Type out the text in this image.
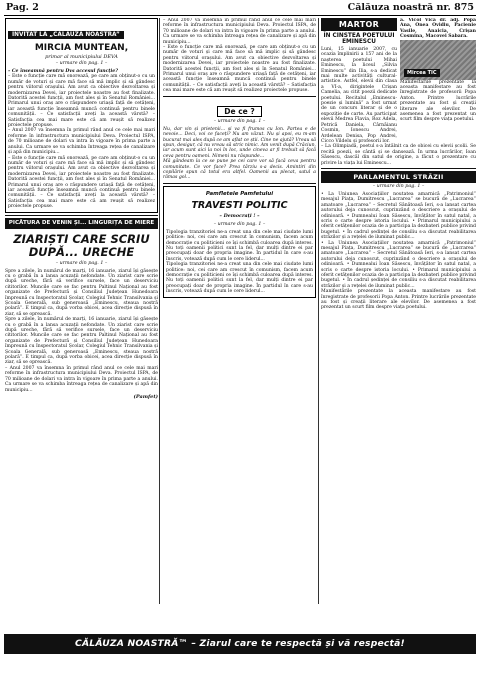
Pag. 2	Călăuza noastră nr. 875
INVITAT LA „CĂLĂUZA NOASTRĂ”
MIRCIA MUNTEAN,
primar al municipiului DEVA
– urmare din pag. 1 –

– Ce înseamnă pentru Dvs accesul funcție?

– Este o funcție care mă onorează, pe care am obținut-o cu un număr de voturi și care mă face să mă implic și să gândesc pentru viitorul orașului. Am avut ca obiective dezvoltarea și modernizarea Devei, iar proiectele noastre au fost finalizate. Datorită acestei funcții, am fost ales și în Senatul României... Primarul unui oraș are o răspundere uriașă față de cetățeni, iar această funcție înseamnă muncă continuă pentru binele comunității. – Ce satisfacții aveți la această vârstă? – Satisfacția cea mai mare este că am reușit să realizez proiectele propuse.

– Anul 2007 va însemna în primul rând anul ce cele mai mari reforme în infrastructura municipiului Deva. Proiectul ISPA, de 70 milioane de dolari va intra în vigoare în prima parte a anului. Ca urmare se va schimba întreaga rețea de canalizare și apă din municipiu...

– Este o funcție care mă onorează, pe care am obținut-o cu un număr de voturi și care mă face să mă implic și să gândesc pentru viitorul orașului. Am avut ca obiective dezvoltarea și modernizarea Devei, iar proiectele noastre au fost finalizate. Datorită acestei funcții, am fost ales și în Senatul României... Primarul unui oraș are o răspundere uriașă față de cetățeni, iar această funcție înseamnă muncă continuă pentru binele comunității. – Ce satisfacții aveți la această vârstă? – Satisfacția cea mai mare este că am reușit să realizez proiectele propuse.

PICĂTURA DE VENIN ȘI... LINGURIȚA DE MIERE
ZIARIȘTI CARE SCRIU DUPĂ... URECHE
– urmare din pag. 1 –

Spre a zilele, în numărul de marți, 16 ianuarie, ziarul își găsește cu o grabă în a lansa acuzații nefondate. Un ziarist care scrie după ureche, fără să verifice sursele, face un deserviciu cititorilor. Muncile care se fac pentru Paltinul Național au fost organizate de Prefectură și Consiliul Județean Hunedoara împreună cu Inspectoratul Școlar, Colegiul Tehnic Transilvania și Școala Generală, sub generoasă „Eminescu, steaua nostră polară”. E timpul ca, după vorba obicei, acea direcție dispusă în ziar, să se oprească.

Spre a zilele, în numărul de marți, 16 ianuarie, ziarul își găsește cu o grabă în a lansa acuzații nefondate. Un ziarist care scrie după ureche, fără să verifice sursele, face un deserviciu cititorilor. Muncile care se fac pentru Paltinul Național au fost organizate de Prefectură și Consiliul Județean Hunedoara împreună cu Inspectoratul Școlar, Colegiul Tehnic Transilvania și Școala Generală, sub generoasă „Eminescu, steaua nostră polară”. E timpul ca, după vorba obicei, acea direcție dispusă în ziar, să se oprească.

– Anul 2007 va însemna în primul rând anul ce cele mai mari reforme în infrastructura municipiului Deva. Proiectul ISPA, de 70 milioane de dolari va intra în vigoare în prima parte a anului. Ca urmare se va schimba întreaga rețea de canalizare și apă din municipiu...

(Pamfet)

– Anul 2007 va însemna în primul rând anul ce cele mai mari reforme în infrastructura municipiului Deva. Proiectul ISPA, de 70 milioane de dolari va intra în vigoare în prima parte a anului. Ca urmare se va schimba întreaga rețea de canalizare și apă din municipiu...

– Este o funcție care mă onorează, pe care am obținut-o cu un număr de voturi și care mă face să mă implic și să gândesc pentru viitorul orașului. Am avut ca obiective dezvoltarea și modernizarea Devei, iar proiectele noastre au fost finalizate. Datorită acestei funcții, am fost ales și în Senatul României... Primarul unui oraș are o răspundere uriașă față de cetățeni, iar această funcție înseamnă muncă continuă pentru binele comunității. – Ce satisfacții aveți la această vârstă? – Satisfacția cea mai mare este că am reușit să realizez proiectele propuse.

De ce ?
– urmare din pag. 1 –

Nu, dar vin și prietenii... și va fi frumos cu Ion. Partea e de nevoie... Deci, voi ce faceți? Nu am văzut. Nu și apoi, eu m-am bucurat mai ales după ce am aflat ce știi. Cine ne ajută? Vreau să spun, desigur, că nu vreau să stric nimic. Am venit după Crăciun, iar acum sunt aici la noi în loc, unde cineva ar fi trebuit să facă ceva pentru oameni. Nimeni nu răspunde...

Mă gândeam la ce se pune pe cei care vor să facă ceva pentru comunitate. Ce vor face? Prea târziu s-a decis. Amintiri din copilărie spun că totul era altfel. Oamenii au plecat, satul a rămas gol...

Pamfletele Pamfetului
TRAVESTI POLITIC
– Democrați ! –
– urmare din pag. 1 –

Tipologia tranzitoriei ne-a creat una din cele mai ciudate lumi politice: noi, cei care am crescut în comunism, facem acum democrație cu politicieni ce își schimbă culoarea după interes. Nu toți oamenii politici sunt la fel, dar mulți dintre ei par preocupați doar de propria imagine. În partidul în care s-au înscris, votează după cum le cere liderul...

Tipologia tranzitoriei ne-a creat una din cele mai ciudate lumi politice: noi, cei care am crescut în comunism, facem acum democrație cu politicieni ce își schimbă culoarea după interes. Nu toți oamenii politici sunt la fel, dar mulți dintre ei par preocupați doar de propria imagine. În partidul în care s-au înscris, votează după cum le cere liderul...

MARTOR
ÎN CINSTEA POETULUI EMINESCU

Luni, 15 ianuarie 2007, cu ocazia împlinirii a 157 ani de la nașterea poetului Mihai Eminescu, la liceul „Silvia Eminescu” din Ilia, s-a dedicat mai multe activități cultural-artistice. Astfel, elevii din clasa a VI-a, dirigintele Crișan Camelia, au citit poezii dedicate poetului. Recitalul „Eminescu-poezie și lumină” a fost urmat de un concurs literar și de o expoziție de carte. Au participat elevii Medrea Flavia, Roz Adela, Petrică Daniela, Cârnăianu Cosmin, Ionescu Andrei, Ardelean Denisa, Pop Andrei, Cicco Vildelu și profesorii lor.

a. Vicol Vica dr. adj. Popa Ana, Onea Ovidiu, Pacienie Vasile, Anaicia, Crișan Cosmina, Macovei Sabara.

Mircea TIC

Manifestările prezentate la aceasta manifestare au fost înregistrate de profesorii Popa Anton. Printre lucrările prezentate au fost și creații literare ale elevilor. De asemenea a fost prezentat un scurt film despre viața poetului.

– La Olimpiadă, poetul s-a întâlnit ca de obicei cu elevii școlii. Se recită poezii, se cântă și se dansează. În urma lucrărilor, Ioan Săsescu, dascăl din satul de origine, a făcut o prezentare cu privire la viața lui Eminescu...

PARLAMENTUL STRĂZII
– urmare din pag. 1 –

• La Uniunea Asociațiilor noutatea amarnică „Patrimoniul” mesajul Piața, Dumitrescu „Lucrarea” se bucură de „Lucrarea” amatoare „Lucrarea” – Secretul Sănătoasă Ieri, s-a lansat cartea autorului deja cunoscut, cuprinzând o descriere a orașului de odinioară. • Dumnealui Ioan Săsescu, învățător în satul natal, a scris o carte despre istoria locului. • Primarul municipiului a oferit cetățenilor ocazia de a participa la dezbateri publice privind bugetul. • În cadrul ședinței de consiliu s-a discutat reabilitarea străzilor și a rețelei de iluminat public...

• La Uniunea Asociațiilor noutatea amarnică „Patrimoniul” mesajul Piața, Dumitrescu „Lucrarea” se bucură de „Lucrarea” amatoare „Lucrarea” – Secretul Sănătoasă Ieri, s-a lansat cartea autorului deja cunoscut, cuprinzând o descriere a orașului de odinioară. • Dumnealui Ioan Săsescu, învățător în satul natal, a scris o carte despre istoria locului. • Primarul municipiului a oferit cetățenilor ocazia de a participa la dezbateri publice privind bugetul. • În cadrul ședinței de consiliu s-a discutat reabilitarea străzilor și a rețelei de iluminat public...

Manifestările prezentate la aceasta manifestare au fost înregistrate de profesorii Popa Anton. Printre lucrările prezentate au fost și creații literare ale elevilor. De asemenea a fost prezentat un scurt film despre viața poetului.

CĂLĂUZA NOASTRĂ™ – Ziarul care te respectă și vă respectă!
